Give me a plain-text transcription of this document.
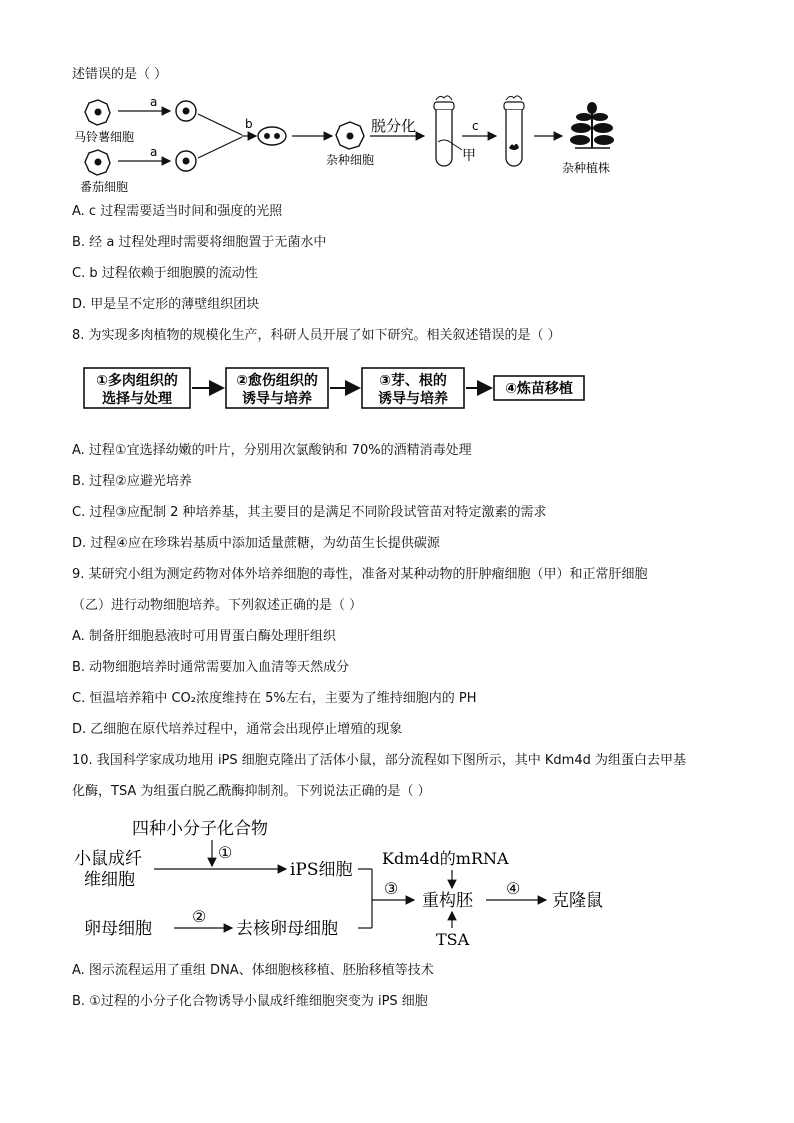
述错误的是（ ）
马铃薯细胞
番茄细胞
a
a
b
杂种细胞
脱分化
甲
c
杂种植株
A. c 过程需要适当时间和强度的光照
B. 经 a 过程处理时需要将细胞置于无菌水中
C. b 过程依赖于细胞膜的流动性
D. 甲是呈不定形的薄壁组织团块
8. 为实现多肉植物的规模化生产，科研人员开展了如下研究。相关叙述错误的是（ ）
①多肉组织的
选择与处理
②愈伤组织的
诱导与培养
③芽、根的
诱导与培养
④炼苗移植
A. 过程①宜选择幼嫩的叶片，分别用次氯酸钠和 70%的酒精消毒处理
B. 过程②应避光培养
C. 过程③应配制 2 种培养基，其主要目的是满足不同阶段试管苗对特定激素的需求
D. 过程④应在珍珠岩基质中添加适量蔗糖，为幼苗生长提供碳源
9. 某研究小组为测定药物对体外培养细胞的毒性，准备对某种动物的肝肿瘤细胞（甲）和正常肝细胞
（乙）进行动物细胞培养。下列叙述正确的是（ ）
A. 制备肝细胞悬液时可用胃蛋白酶处理肝组织
B. 动物细胞培养时通常需要加入血清等天然成分
C. 恒温培养箱中 CO₂浓度维持在 5%左右，主要为了维持细胞内的 PH
D. 乙细胞在原代培养过程中，通常会出现停止增殖的现象
10. 我国科学家成功地用 iPS 细胞克隆出了活体小鼠，部分流程如下图所示，其中 Kdm4d 为组蛋白去甲基
化酶，TSA 为组蛋白脱乙酰酶抑制剂。下列说法正确的是（ ）
四种小分子化合物
①
小鼠成纤
维细胞	iPS细胞
Kdm4d的mRNA
③
重构胚
④
克隆鼠
TSA
卵母细胞
②
去核卵母细胞
A. 图示流程运用了重组 DNA、体细胞核移植、胚胎移植等技术
B. ①过程的小分子化合物诱导小鼠成纤维细胞突变为 iPS 细胞
